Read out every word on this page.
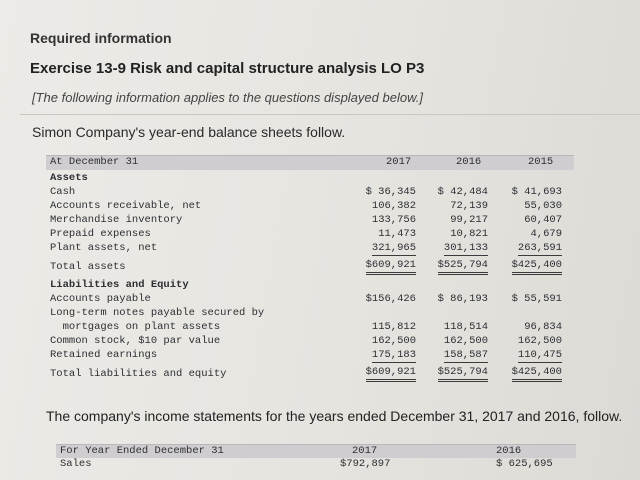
Required information
Exercise 13-9 Risk and capital structure analysis LO P3
[The following information applies to the questions displayed below.]
Simon Company's year-end balance sheets follow.
At December 31	2017	2016	2015
Assets
Cash	$ 36,345 $ 42,484 $ 41,693
Accounts receivable, net	106,382	72,139	55,030
Merchandise inventory	133,756	99,217	60,407
Prepaid expenses	11,473	10,821	4,679
Plant assets, net	321,965	301,133	263,591
Total assets	$609,921 $525,794 $425,400
Liabilities and Equity
Accounts payable	$156,426 $ 86,193 $ 55,591
Long-term notes payable secured by
mortgages on plant assets	115,812	118,514	96,834
Common stock, $10 par value	162,500	162,500	162,500
Retained earnings	175,183	158,587	110,475
Total liabilities and equity	$609,921 $525,794 $425,400
The company's income statements for the years ended December 31, 2017 and 2016, follow.
For Year Ended December 31	2017	2016
Sales	$792,897	$ 625,695
